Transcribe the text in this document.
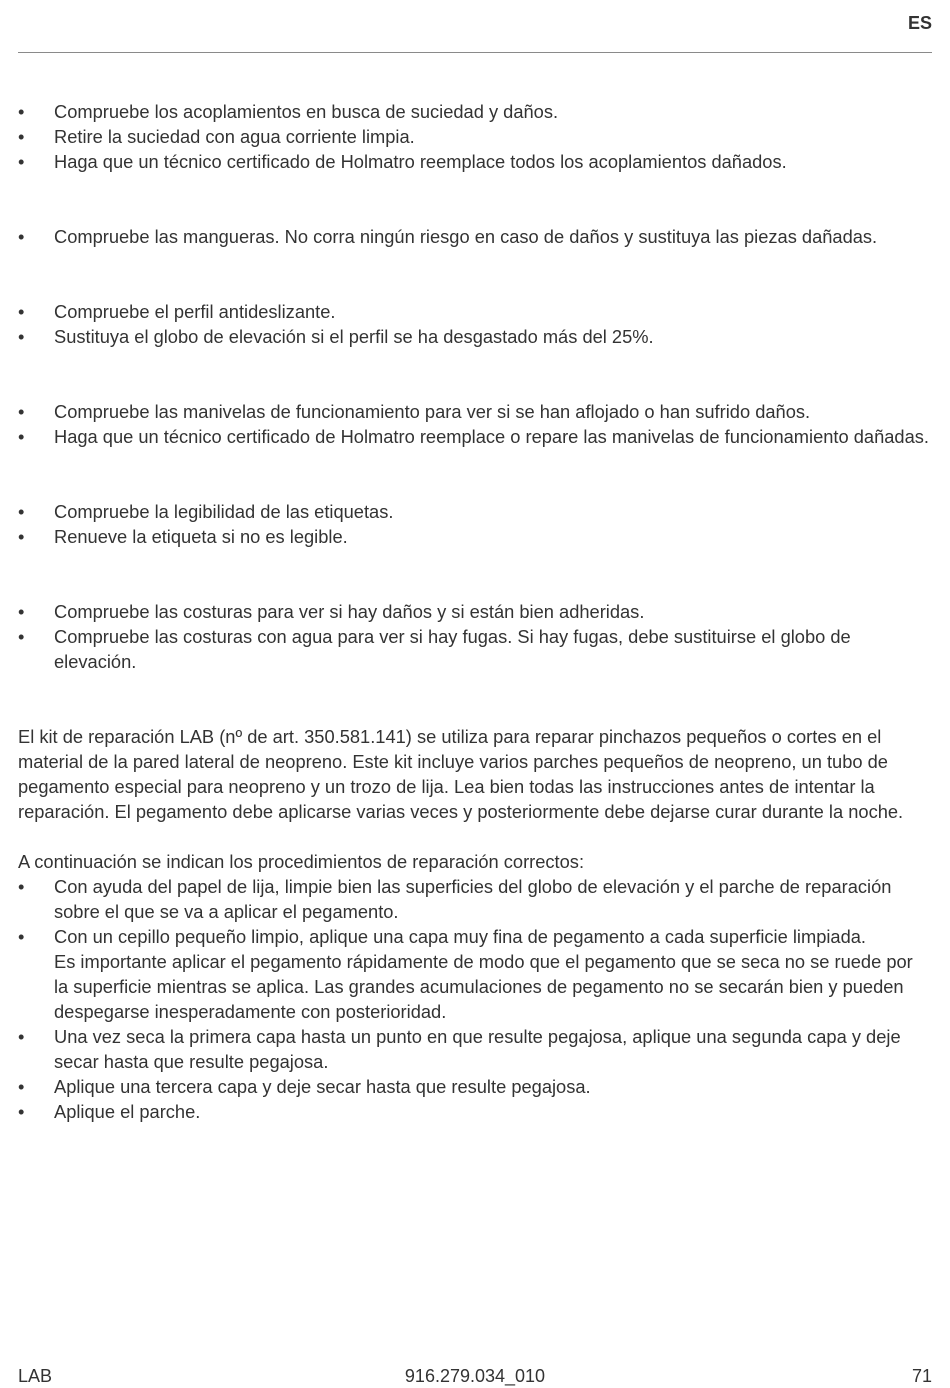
ES
• Compruebe los acoplamientos en busca de suciedad y daños.
• Retire la suciedad con agua corriente limpia.
• Haga que un técnico certificado de Holmatro reemplace todos los acoplamientos dañados.
• Compruebe las mangueras. No corra ningún riesgo en caso de daños y sustituya las piezas dañadas.
• Compruebe el perfil antideslizante.
• Sustituya el globo de elevación si el perfil se ha desgastado más del 25%.
• Compruebe las manivelas de funcionamiento para ver si se han aflojado o han sufrido daños.
• Haga que un técnico certificado de Holmatro reemplace o repare las manivelas de funcionamiento dañadas.
• Compruebe la legibilidad de las etiquetas.
• Renueve la etiqueta si no es legible.
• Compruebe las costuras para ver si hay daños y si están bien adheridas.
• Compruebe las costuras con agua para ver si hay fugas. Si hay fugas, debe sustituirse el globo de elevación.

El kit de reparación LAB (nº de art. 350.581.141) se utiliza para reparar pinchazos pequeños o cortes en el material de la pared lateral de neopreno. Este kit incluye varios parches pequeños de neopreno, un tubo de pegamento especial para neopreno y un trozo de lija. Lea bien todas las instrucciones antes de intentar la reparación. El pegamento debe aplicarse varias veces y posteriormente debe dejarse curar durante la noche.

A continuación se indican los procedimientos de reparación correctos:

• Con ayuda del papel de lija, limpie bien las superficies del globo de elevación y el parche de reparación sobre el que se va a aplicar el pegamento.
• Con un cepillo pequeño limpio, aplique una capa muy fina de pegamento a cada superficie limpiada.
Es importante aplicar el pegamento rápidamente de modo que el pegamento que se seca no se ruede por la superficie mientras se aplica. Las grandes acumulaciones de pegamento no se secarán bien y pueden despegarse inesperadamente con posterioridad.
• Una vez seca la primera capa hasta un punto en que resulte pegajosa, aplique una segunda capa y deje secar hasta que resulte pegajosa.
• Aplique una tercera capa y deje secar hasta que resulte pegajosa.
• Aplique el parche.
LAB	916.279.034_010	71
